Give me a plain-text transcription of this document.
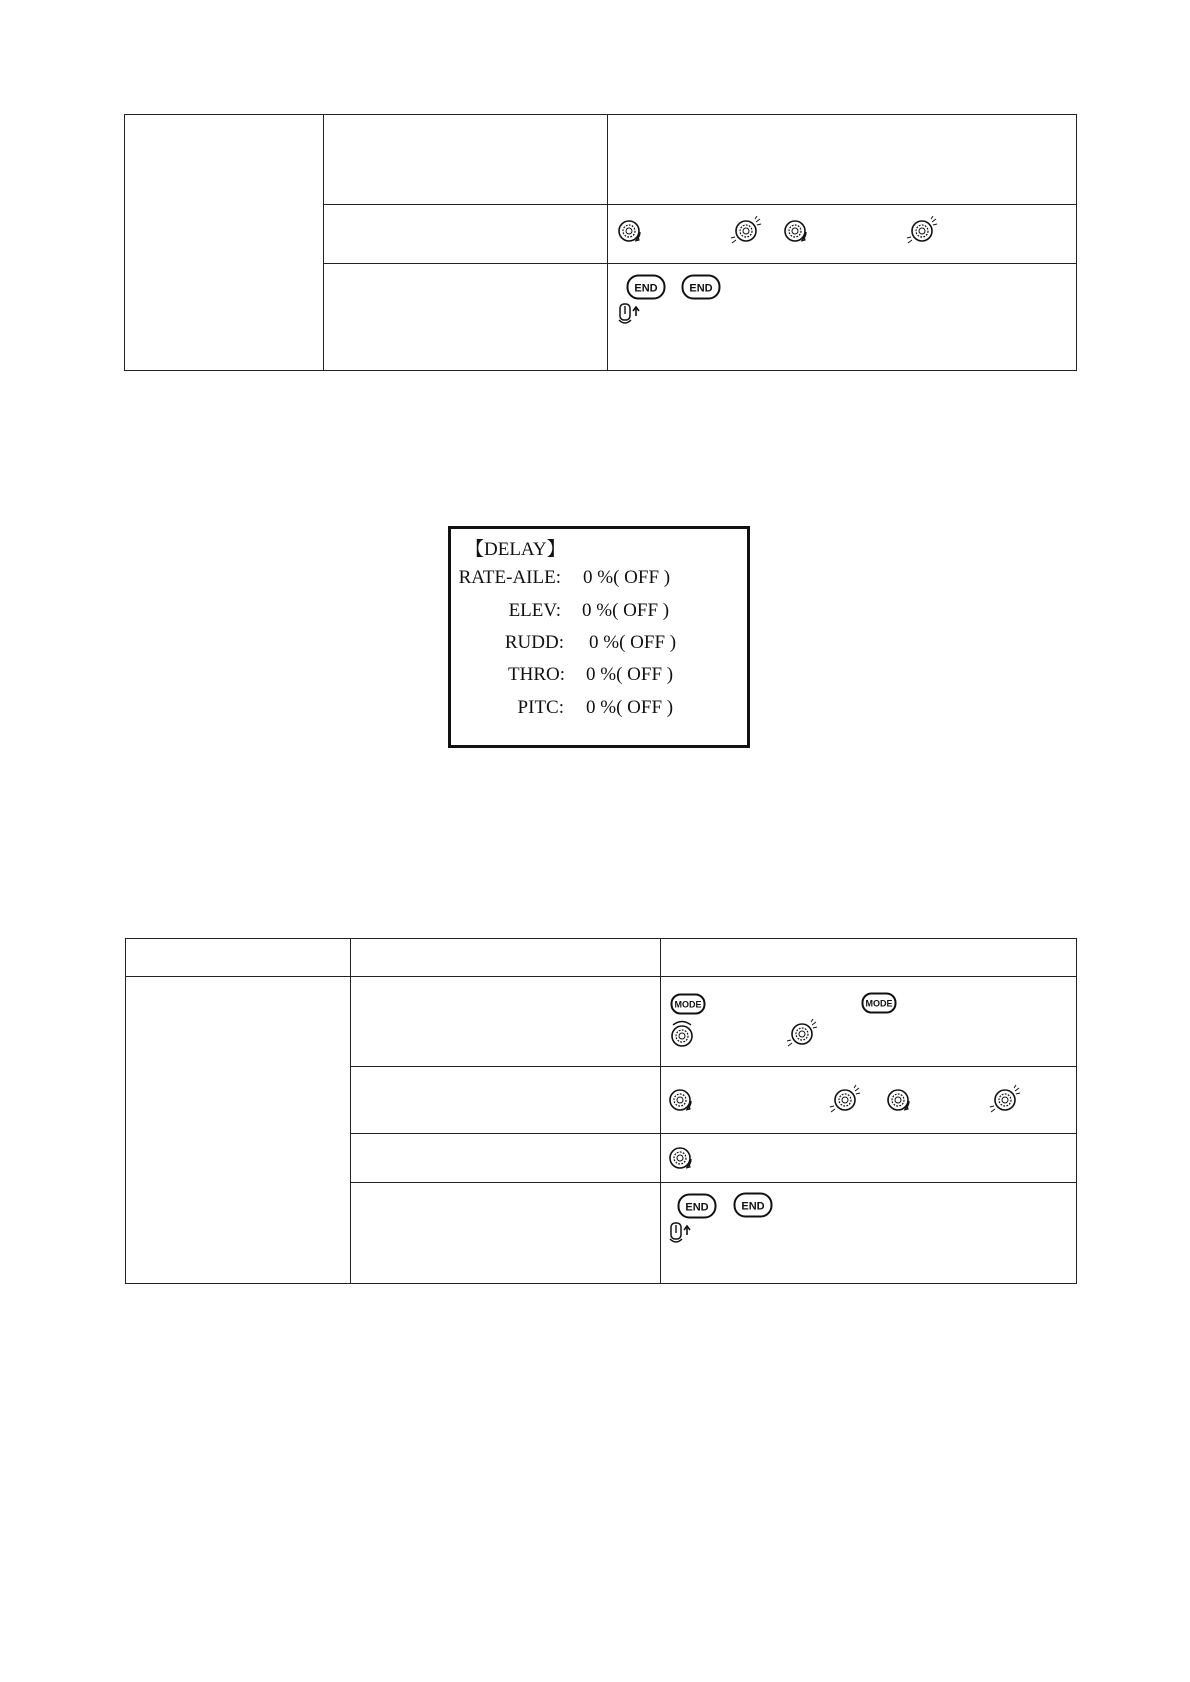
END END
【DELAY】
RATE-AILE: 0 %( OFF )
ELEV: 0 %( OFF )
RUDD: 0 %( OFF )
THRO: 0 %( OFF )
PITC: 0 %( OFF )

MODE MODE

END END
